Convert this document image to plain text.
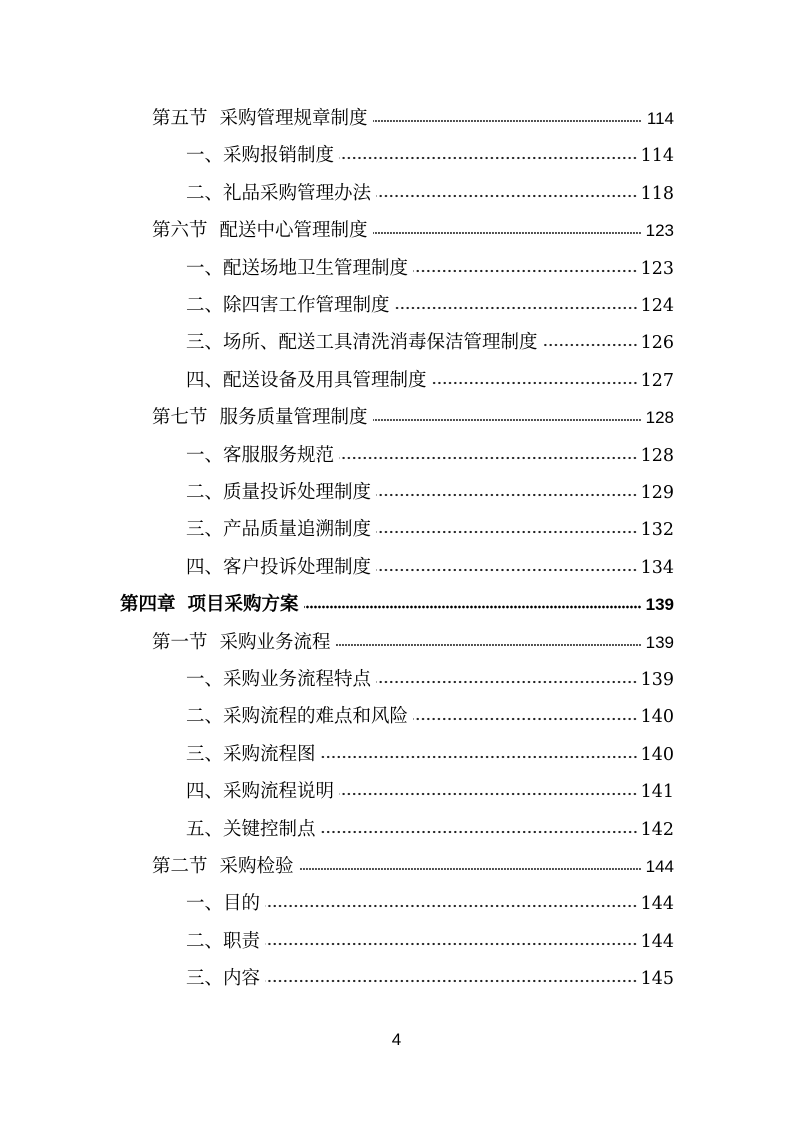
第五节 采购管理规章制度	114
一、采购报销制度	114
二、礼品采购管理办法	118
第六节 配送中心管理制度	123
一、配送场地卫生管理制度	123
二、除四害工作管理制度	124
三、场所、配送工具清洗消毒保洁管理制度	126
四、配送设备及用具管理制度	127
第七节 服务质量管理制度	128
一、客服服务规范	128
二、质量投诉处理制度	129
三、产品质量追溯制度	132
四、客户投诉处理制度	134
第四章 项目采购方案	139
第一节 采购业务流程	139
一、采购业务流程特点	139
二、采购流程的难点和风险	140
三、采购流程图	140
四、采购流程说明	141
五、关键控制点	142
第二节 采购检验	144
一、目的	144
二、职责	144
三、内容	145
4
